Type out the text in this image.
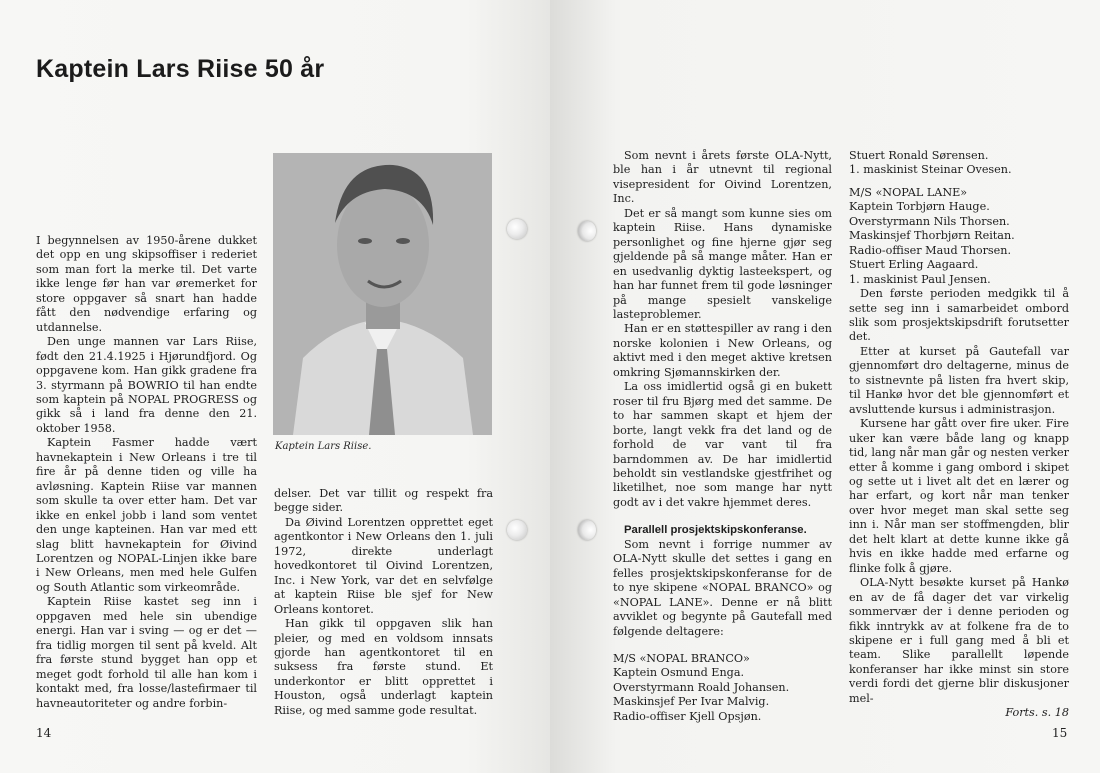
Kaptein Lars Riise 50 år

I begynnelsen av 1950-årene dukket det opp en ung skipsoffiser i rederiet som man fort la merke til. Det varte ikke lenge før han var øremerket for store oppgaver så snart han hadde fått den nødvendige erfaring og utdannelse.

Den unge mannen var Lars Riise, født den 21.4.1925 i Hjørundfjord. Og oppgavene kom. Han gikk gradene fra 3. styrmann på BOWRIO til han endte som kaptein på NOPAL PROGRESS og gikk så i land fra denne den 21. oktober 1958.

Kaptein Fasmer hadde vært havnekaptein i New Orleans i tre til fire år på denne tiden og ville ha avløsning. Kaptein Riise var mannen som skulle ta over etter ham. Det var ikke en enkel jobb i land som ventet den unge kapteinen. Han var med ett slag blitt havnekaptein for Øivind Lorentzen og NOPAL-Linjen ikke bare i New Orleans, men med hele Gulfen og South Atlantic som virkeområde.

Kaptein Riise kastet seg inn i oppgaven med hele sin ubendige energi. Han var i sving — og er det — fra tidlig morgen til sent på kveld. Alt fra første stund bygget han opp et meget godt forhold til alle han kom i kontakt med, fra losse/lastefirmaer til havneautoriteter og andre forbin-

Kaptein Lars Riise.

delser. Det var tillit og respekt fra begge sider.

Da Øivind Lorentzen opprettet eget agentkontor i New Orleans den 1. juli 1972, direkte underlagt hovedkontoret til Oivind Lorentzen, Inc. i New York, var det en selvfølge at kaptein Riise ble sjef for New Orleans kontoret.

Han gikk til oppgaven slik han pleier, og med en voldsom innsats gjorde han agentkontoret til en suksess fra første stund. Et underkontor er blitt opprettet i Houston, også underlagt kaptein Riise, og med samme gode resultat.

14

Som nevnt i årets første OLA-Nytt, ble han i år utnevnt til regional visepresident for Oivind Lorentzen, Inc.

Det er så mangt som kunne sies om kaptein Riise. Hans dynamiske personlighet og fine hjerne gjør seg gjeldende på så mange måter. Han er en usedvanlig dyktig lasteekspert, og han har funnet frem til gode løsninger på mange spesielt vanskelige lasteproblemer.

Han er en støttespiller av rang i den norske kolonien i New Orleans, og aktivt med i den meget aktive kretsen omkring Sjømannskirken der.

La oss imidlertid også gi en bukett roser til fru Bjørg med det samme. De to har sammen skapt et hjem der borte, langt vekk fra det land og de forhold de var vant til fra barndommen av. De har imidlertid beholdt sin vestlandske gjestfrihet og liketilhet, noe som mange har nytt godt av i det vakre hjemmet deres.

Parallell prosjektskipskonferanse.

Som nevnt i forrige nummer av OLA-Nytt skulle det settes i gang en felles prosjektskipskonferanse for de to nye skipene «NOPAL BRANCO» og «NOPAL LANE». Denne er nå blitt avviklet og begynte på Gautefall med følgende deltagere:

M/S «NOPAL BRANCO»

Kaptein Osmund Enga.

Overstyrmann Roald Johansen.

Maskinsjef Per Ivar Malvig.

Radio-offiser Kjell Opsjøn.

Stuert Ronald Sørensen.

1. maskinist Steinar Ovesen.

M/S «NOPAL LANE»

Kaptein Torbjørn Hauge.

Overstyrmann Nils Thorsen.

Maskinsjef Thorbjørn Reitan.

Radio-offiser Maud Thorsen.

Stuert Erling Aagaard.

1. maskinist Paul Jensen.

Den første perioden medgikk til å sette seg inn i samarbeidet ombord slik som prosjektskipsdrift forutsetter det.

Etter at kurset på Gautefall var gjennomført dro deltagerne, minus de to sistnevnte på listen fra hvert skip, til Hankø hvor det ble gjennomført et avsluttende kursus i administrasjon.

Kursene har gått over fire uker. Fire uker kan være både lang og knapp tid, lang når man går og nesten verker etter å komme i gang ombord i skipet og sette ut i livet alt det en lærer og har erfart, og kort når man tenker over hvor meget man skal sette seg inn i. Når man ser stoffmengden, blir det helt klart at dette kunne ikke gå hvis en ikke hadde med erfarne og flinke folk å gjøre.

OLA-Nytt besøkte kurset på Hankø en av de få dager det var virkelig sommervær der i denne perioden og fikk inntrykk av at folkene fra de to skipene er i full gang med å bli et team. Slike parallellt løpende konferanser har ikke minst sin store verdi fordi det gjerne blir diskusjoner mel-

Forts. s. 18

15
